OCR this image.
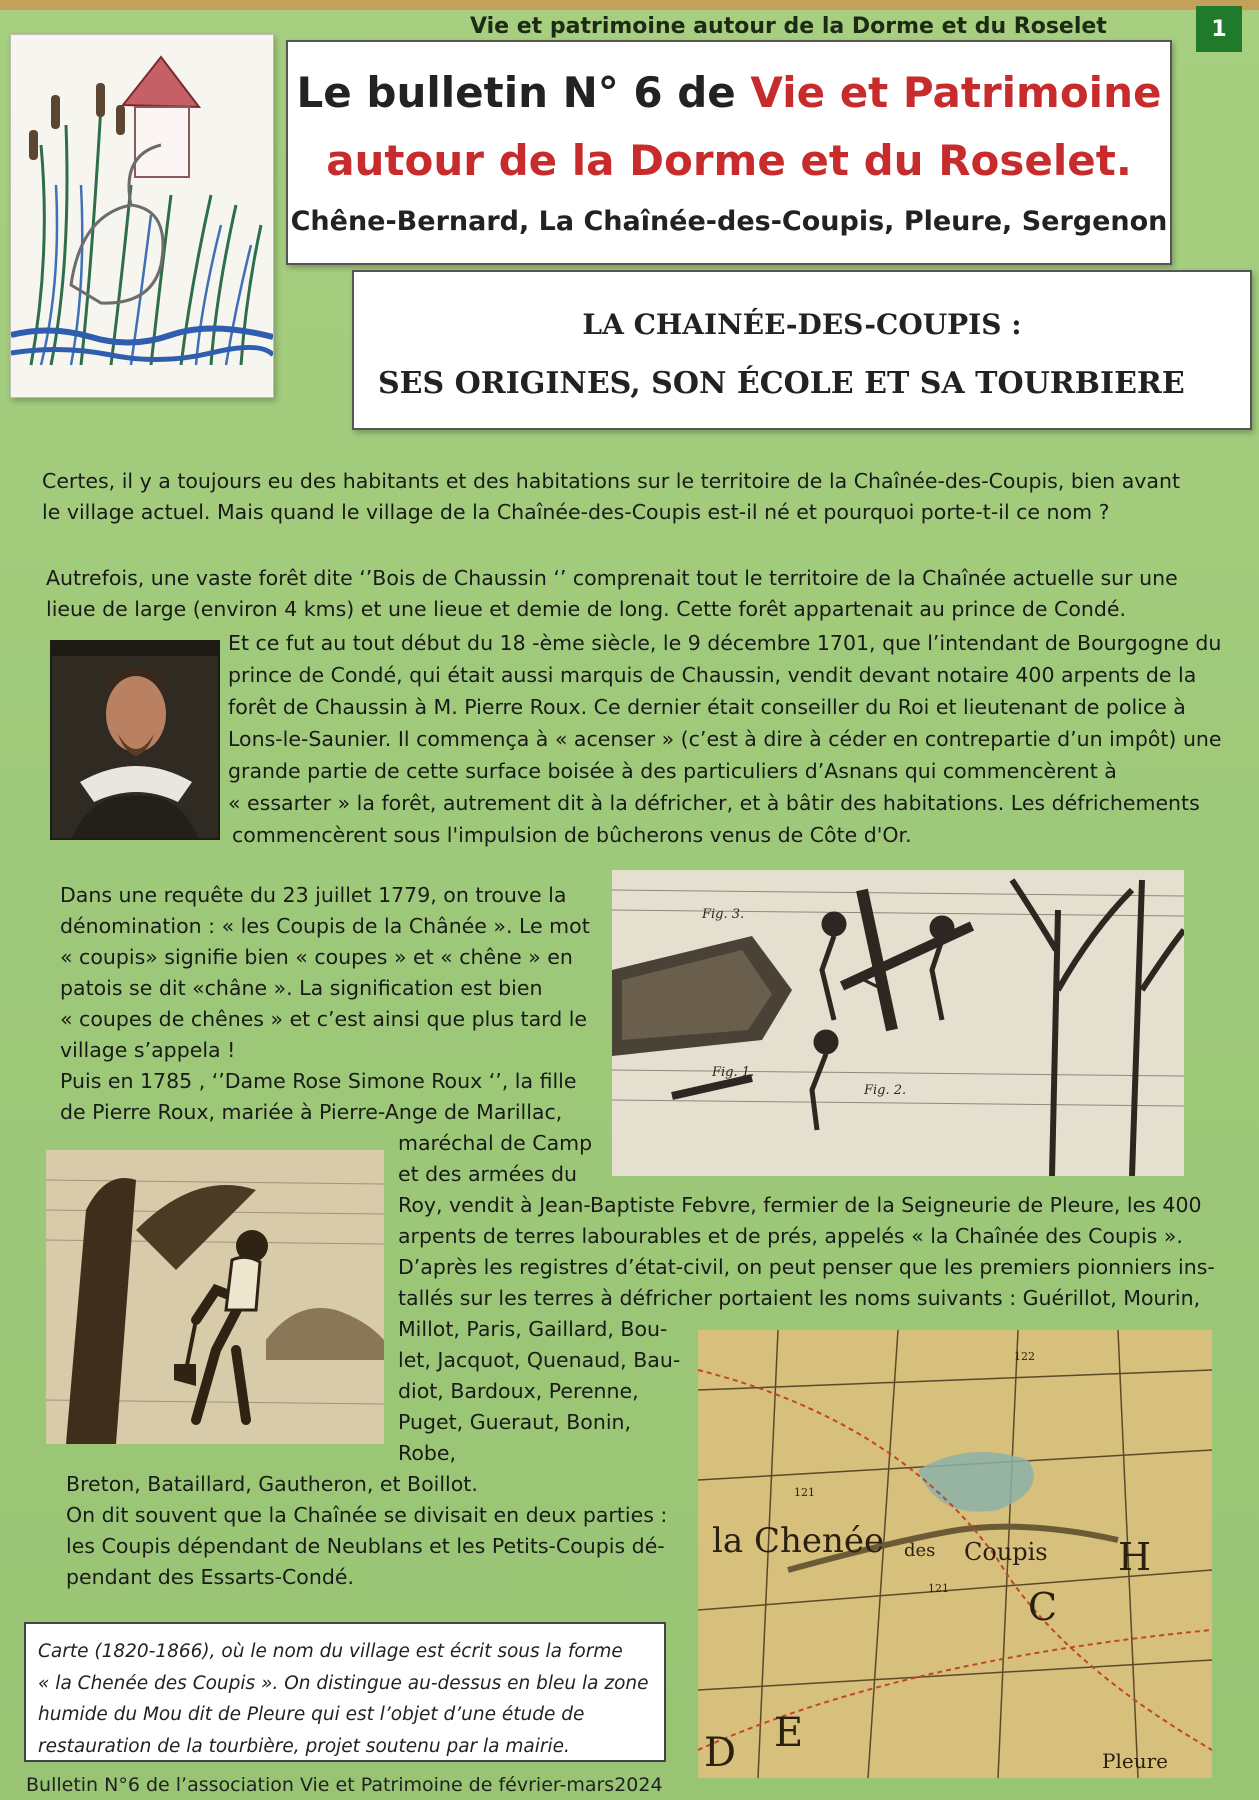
Vie et patrimoine autour de la Dorme et du Roselet	1
Le bulletin N° 6 de Vie et Patrimoine
autour de la Dorme et du Roselet.
Chêne-Bernard, La Chaînée-des-Coupis, Pleure, Sergenon
LA CHAINÉE-DES-COUPIS :
SES ORIGINES, SON ÉCOLE ET SA TOURBIERE
Certes, il y a toujours eu des habitants et des habitations sur le territoire de la Chaînée-des-Coupis, bien avant
le village actuel. Mais quand le village de la Chaînée-des-Coupis est-il né et pourquoi porte-t-il ce nom ?
Autrefois, une vaste forêt dite ‘’Bois de Chaussin ‘’ comprenait tout le territoire de la Chaînée actuelle sur une
lieue de large (environ 4 kms) et une lieue et demie de long. Cette forêt appartenait au prince de Condé.
Et ce fut au tout début du 18 -ème siècle, le 9 décembre 1701, que l’intendant de Bourgogne du
prince de Condé, qui était aussi marquis de Chaussin, vendit devant notaire 400 arpents de la
forêt de Chaussin à M. Pierre Roux. Ce dernier était conseiller du Roi et lieutenant de police à
Lons-le-Saunier. Il commença à « acenser » (c’est à dire à céder en contrepartie d’un impôt) une
grande partie de cette surface boisée à des particuliers d’Asnans qui commencèrent à
« essarter » la forêt, autrement dit à la défricher, et à bâtir des habitations. Les défrichements
commencèrent sous l'impulsion de bûcherons venus de Côte d'Or.
Fig. 3.
Fig. 1.
Fig. 2.
Dans une requête du 23 juillet 1779, on trouve la
dénomination : « les Coupis de la Chânée ». Le mot
« coupis» signifie bien « coupes » et « chêne » en
patois se dit «châne ». La signification est bien
« coupes de chênes » et c’est ainsi que plus tard le
village s’appela !
Puis en 1785 , ‘’Dame Rose Simone Roux ‘’, la fille
de Pierre Roux, mariée à Pierre-Ange de Marillac,
maréchal de Camp
et des armées du
Roy, vendit à Jean-Baptiste Febvre, fermier de la Seigneurie de Pleure, les 400
arpents de terres labourables et de prés, appelés « la Chaînée des Coupis ».
D’après les registres d’état-civil, on peut penser que les premiers pionniers ins-
tallés sur les terres à défricher portaient les noms suivants : Guérillot, Mourin,
Millot, Paris, Gaillard, Bou-
let, Jacquot, Quenaud, Bau-
diot, Bardoux, Perenne,
Puget, Gueraut, Bonin,
Robe,
Breton, Bataillard, Gautheron, et Boillot.
On dit souvent que la Chaînée se divisait en deux parties :
les Coupis dépendant de Neublans et les Petits-Coupis dé-
pendant des Essarts-Condé.
la Chenée des Coupis
Pleure
C
H
D E
122
121
121
Carte (1820-1866), où le nom du village est écrit sous la forme
« la Chenée des Coupis ». On distingue au-dessus en bleu la zone
humide du Mou dit de Pleure qui est l’objet d’une étude de
restauration de la tourbière, projet soutenu par la mairie.
Bulletin N°6 de l’association Vie et Patrimoine de février-mars2024
